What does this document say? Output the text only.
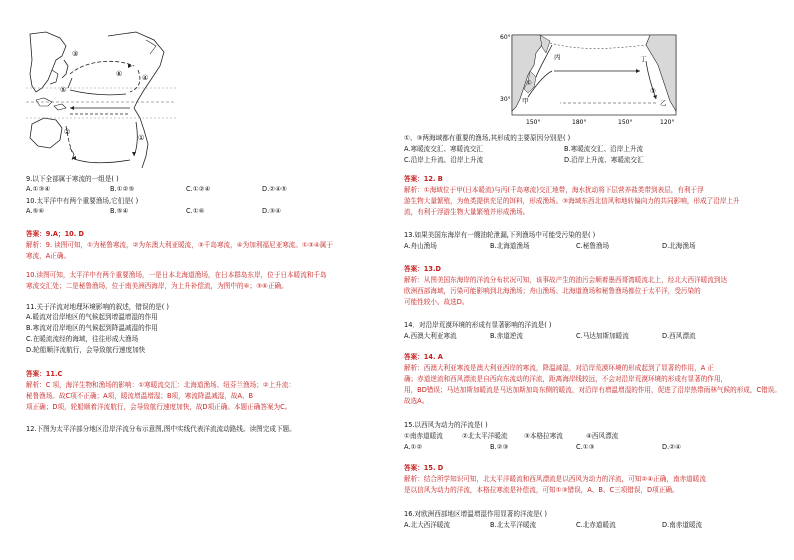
⑤
③
④
②
①
⑥
9.以下全部属于寒流的一组是( )
A.①③④	B.①②⑤	C.①②④	D.②④⑤
10.太平洋中有两个重要渔场,它们是( )
A.⑤⑥	B.⑤④	C.①⑥	D.③④
答案：9.A；10. D
解析：9. 读图可知，①为秘鲁寒流，②为东澳大利亚暖流，③千岛寒流，④为加利福尼亚寒流。①③④属于
寒流，A正确。
10.读图可知，太平洋中有两个重要渔场，一是日本北海道渔场，在日本群岛东岸，位于日本暖流和千岛
寒流交汇处；二是秘鲁渔场，位于南美洲西海岸，为上升补偿流，为图中的⑥；③⑥正确。
11.关于洋流对地理环境影响的叙述，错误的是( )
A.暖流对沿岸地区的气候起到增温增湿的作用
B.寒流对沿岸地区的气候起到降温减湿的作用
C.在暖流流经的海域，往往形成大渔场
D.轮船顺洋流航行，会导致航行速度加快
答案：11.C
解析：C 项，海洋生物和渔场的影响：①寒暖流交汇：北海道渔场、纽芬兰渔场；②上升流：
秘鲁渔场。故C项不正确；A项，暖流增温增湿；B项，寒流降温减湿，故A、B
项正确；D项，轮船顺着洋流航行，会导致航行速度加快，故D项正确。本题正确答案为C。
12.下图为太平洋部分地区沿岸洋流分布示意图,图中实线代表洋流流动路线。读图完成下题。
60°
30°
150°	180°	150°	120°
丙	丁
甲	乙
①
③
①、③两海域都有重要的渔场,其形成的主要原因分别是( )
A.寒暖流交汇、寒暖流交汇	B.寒暖流交汇、沿岸上升流
C.沿岸上升流、沿岸上升流	D.沿岸上升流、寒暖流交汇
答案：12. B
解析：①海域位于甲(日本暖流)与丙(千岛寒流)交汇地带，海水扰动将下层营养盐类带到表层，有利于浮
游生物大量繁殖，为鱼类提供充足的饵料，形成渔场。③海域东西北信风和地转偏向力的共同影响，形成了沿岸上升
流，有利于浮游生物大量繁殖并形成渔场。
13.如果美国东海岸有一艘油轮泄漏,下列渔场中可能受污染的是( )
A.舟山渔场	B.北海道渔场	C.秘鲁渔场	D.北海渔场
答案：13.D
解析：从图美国东海岸的洋流分布状况可知，该事故产生的油污会顺着墨西哥湾暖流北上，经北大西洋暖流到达
欧洲西部海域，污染可能影响到北海渔场；舟山渔场、北海道渔场和秘鲁渔场都位于太平洋，受污染的
可能性较小。故选D。
14．对沿岸荒漠环境的形成有显著影响的洋流是( )
A.西澳大利亚寒流	B.赤道逆流	C.马达加斯加暖流	D.西风漂流
答案：14. A
解析：西澳大利亚寒流是澳大利亚西岸的寒流，降温减湿，对沿岸荒漠环境的形成起到了显著的作用，A 正
确；赤道逆流和西风漂流是自西向东流动的洋流，距离海岸线较远，不会对沿岸荒漠环境的形成有显著的作用，
用，BD错误；马达加斯加暖流是马达加斯加岛东侧的暖流，对沿岸有增温增湿的作用，促进了沿岸热带雨林气候的形成，C错误。
故选A。
15.以西风为动力的洋流是( )
①南赤道暖流	②北太平洋暖流	③本格拉寒流	④西风漂流
A.①②	B.②③	C.①③	D.②④
答案：15. D
解析：结合所学知识可知，北太平洋暖流和西风漂流是以西风为动力的洋流，可知②④正确，南赤道暖流
是以信风为动力的洋流，本格拉寒流是补偿流，可知①③错误，A、B、C三项错误，D项正确。
16.对欧洲西部地区增温增湿作用显著的洋流是( )
A.北大西洋暖流	B.北太平洋暖流	C.北赤道暖流	D.南赤道暖流
